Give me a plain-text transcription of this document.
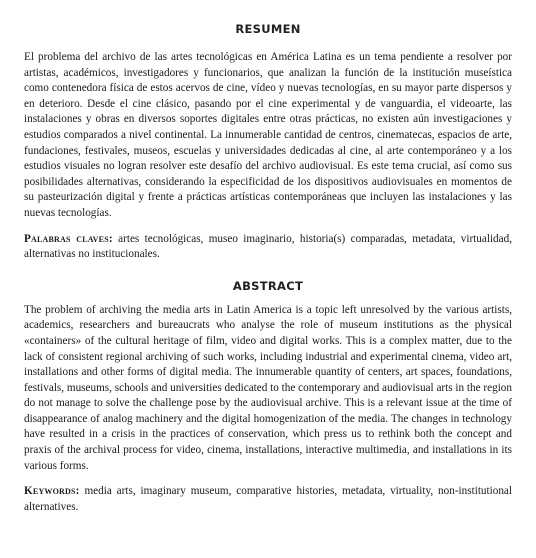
RESUMEN

El problema del archivo de las artes tecnológicas en América Latina es un tema pendiente a resolver por artistas, académicos, investigadores y funcionarios, que analizan la función de la institución museística como contenedora física de estos acervos de cine, vídeo y nuevas tecnologías, en su mayor parte dispersos y en deterioro. Desde el cine clásico, pasando por el cine experimental y de vanguardia, el videoarte, las instalaciones y obras en diversos soportes digitales entre otras prácticas, no existen aún investigaciones y estudios comparados a nivel continental. La innumerable cantidad de centros, cinematecas, espacios de arte, fundaciones, festivales, museos, escuelas y universidades dedicadas al cine, al arte contemporáneo y a los estudios visuales no logran resolver este desafío del archivo audiovisual. Es este tema crucial, así como sus posibilidades alternativas, considerando la especificidad de los dispositivos audiovisuales en momentos de su pasteurización digital y frente a prácticas artísticas contemporáneas que incluyen las instalaciones y las nuevas tecnologías.

Palabras claves: artes tecnológicas, museo imaginario, historia(s) comparadas, metadata, virtualidad, alternativas no institucionales.

ABSTRACT

The problem of archiving the media arts in Latin America is a topic left unresolved by the various artists, academics, researchers and bureaucrats who analyse the role of museum institutions as the physical «containers» of the cultural heritage of film, video and digital works. This is a complex matter, due to the lack of consistent regional archiving of such works, including industrial and experimental cinema, video art, installations and other forms of digital media. The innumerable quantity of centers, art spaces, foundations, festivals, museums, schools and universities dedicated to the contemporary and audiovisual arts in the region do not manage to solve the challenge pose by the audiovisual archive. This is a relevant issue at the time of disappearance of analog machinery and the digital homogenization of the media. The changes in technology have resulted in a crisis in the practices of conservation, which press us to rethink both the concept and praxis of the archival process for video, cinema, installations, interactive multimedia, and installations in its various forms.

Keywords: media arts, imaginary museum, comparative histories, metadata, virtuality, non-institutional alternatives.
